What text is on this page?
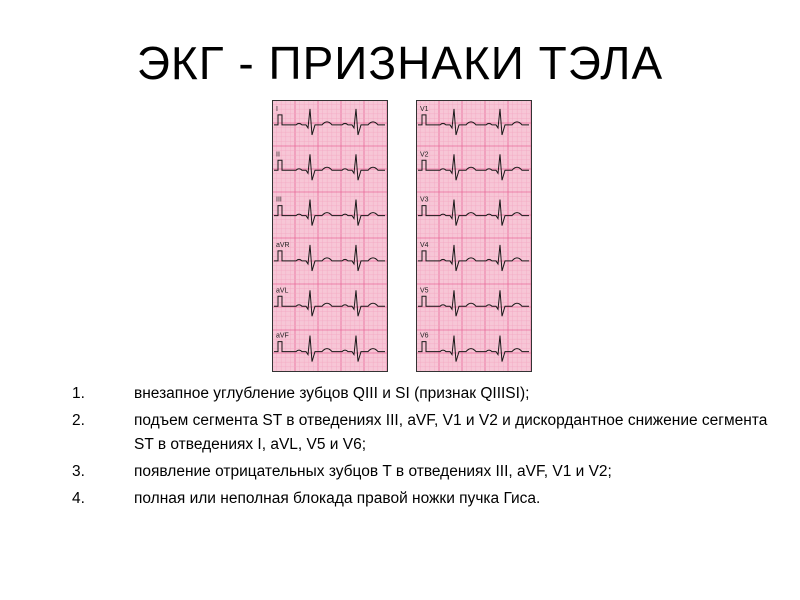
ЭКГ - ПРИЗНАКИ ТЭЛА
I
II
III
aVR
aVL
aVF
V1
V2
V3
V4
V5
V6
1.	внезапное углубление зубцов QIII и SI (признак QIIISI);
2.	подъем сегмента ST в отведениях III, aVF, V1 и V2 и дискордантное снижение сегмента ST в отведениях I, aVL, V5 и V6;
3.	появление отрицательных зубцов T в отведениях III, aVF, V1 и V2;
4.	полная или неполная блокада правой ножки пучка Гиса.
